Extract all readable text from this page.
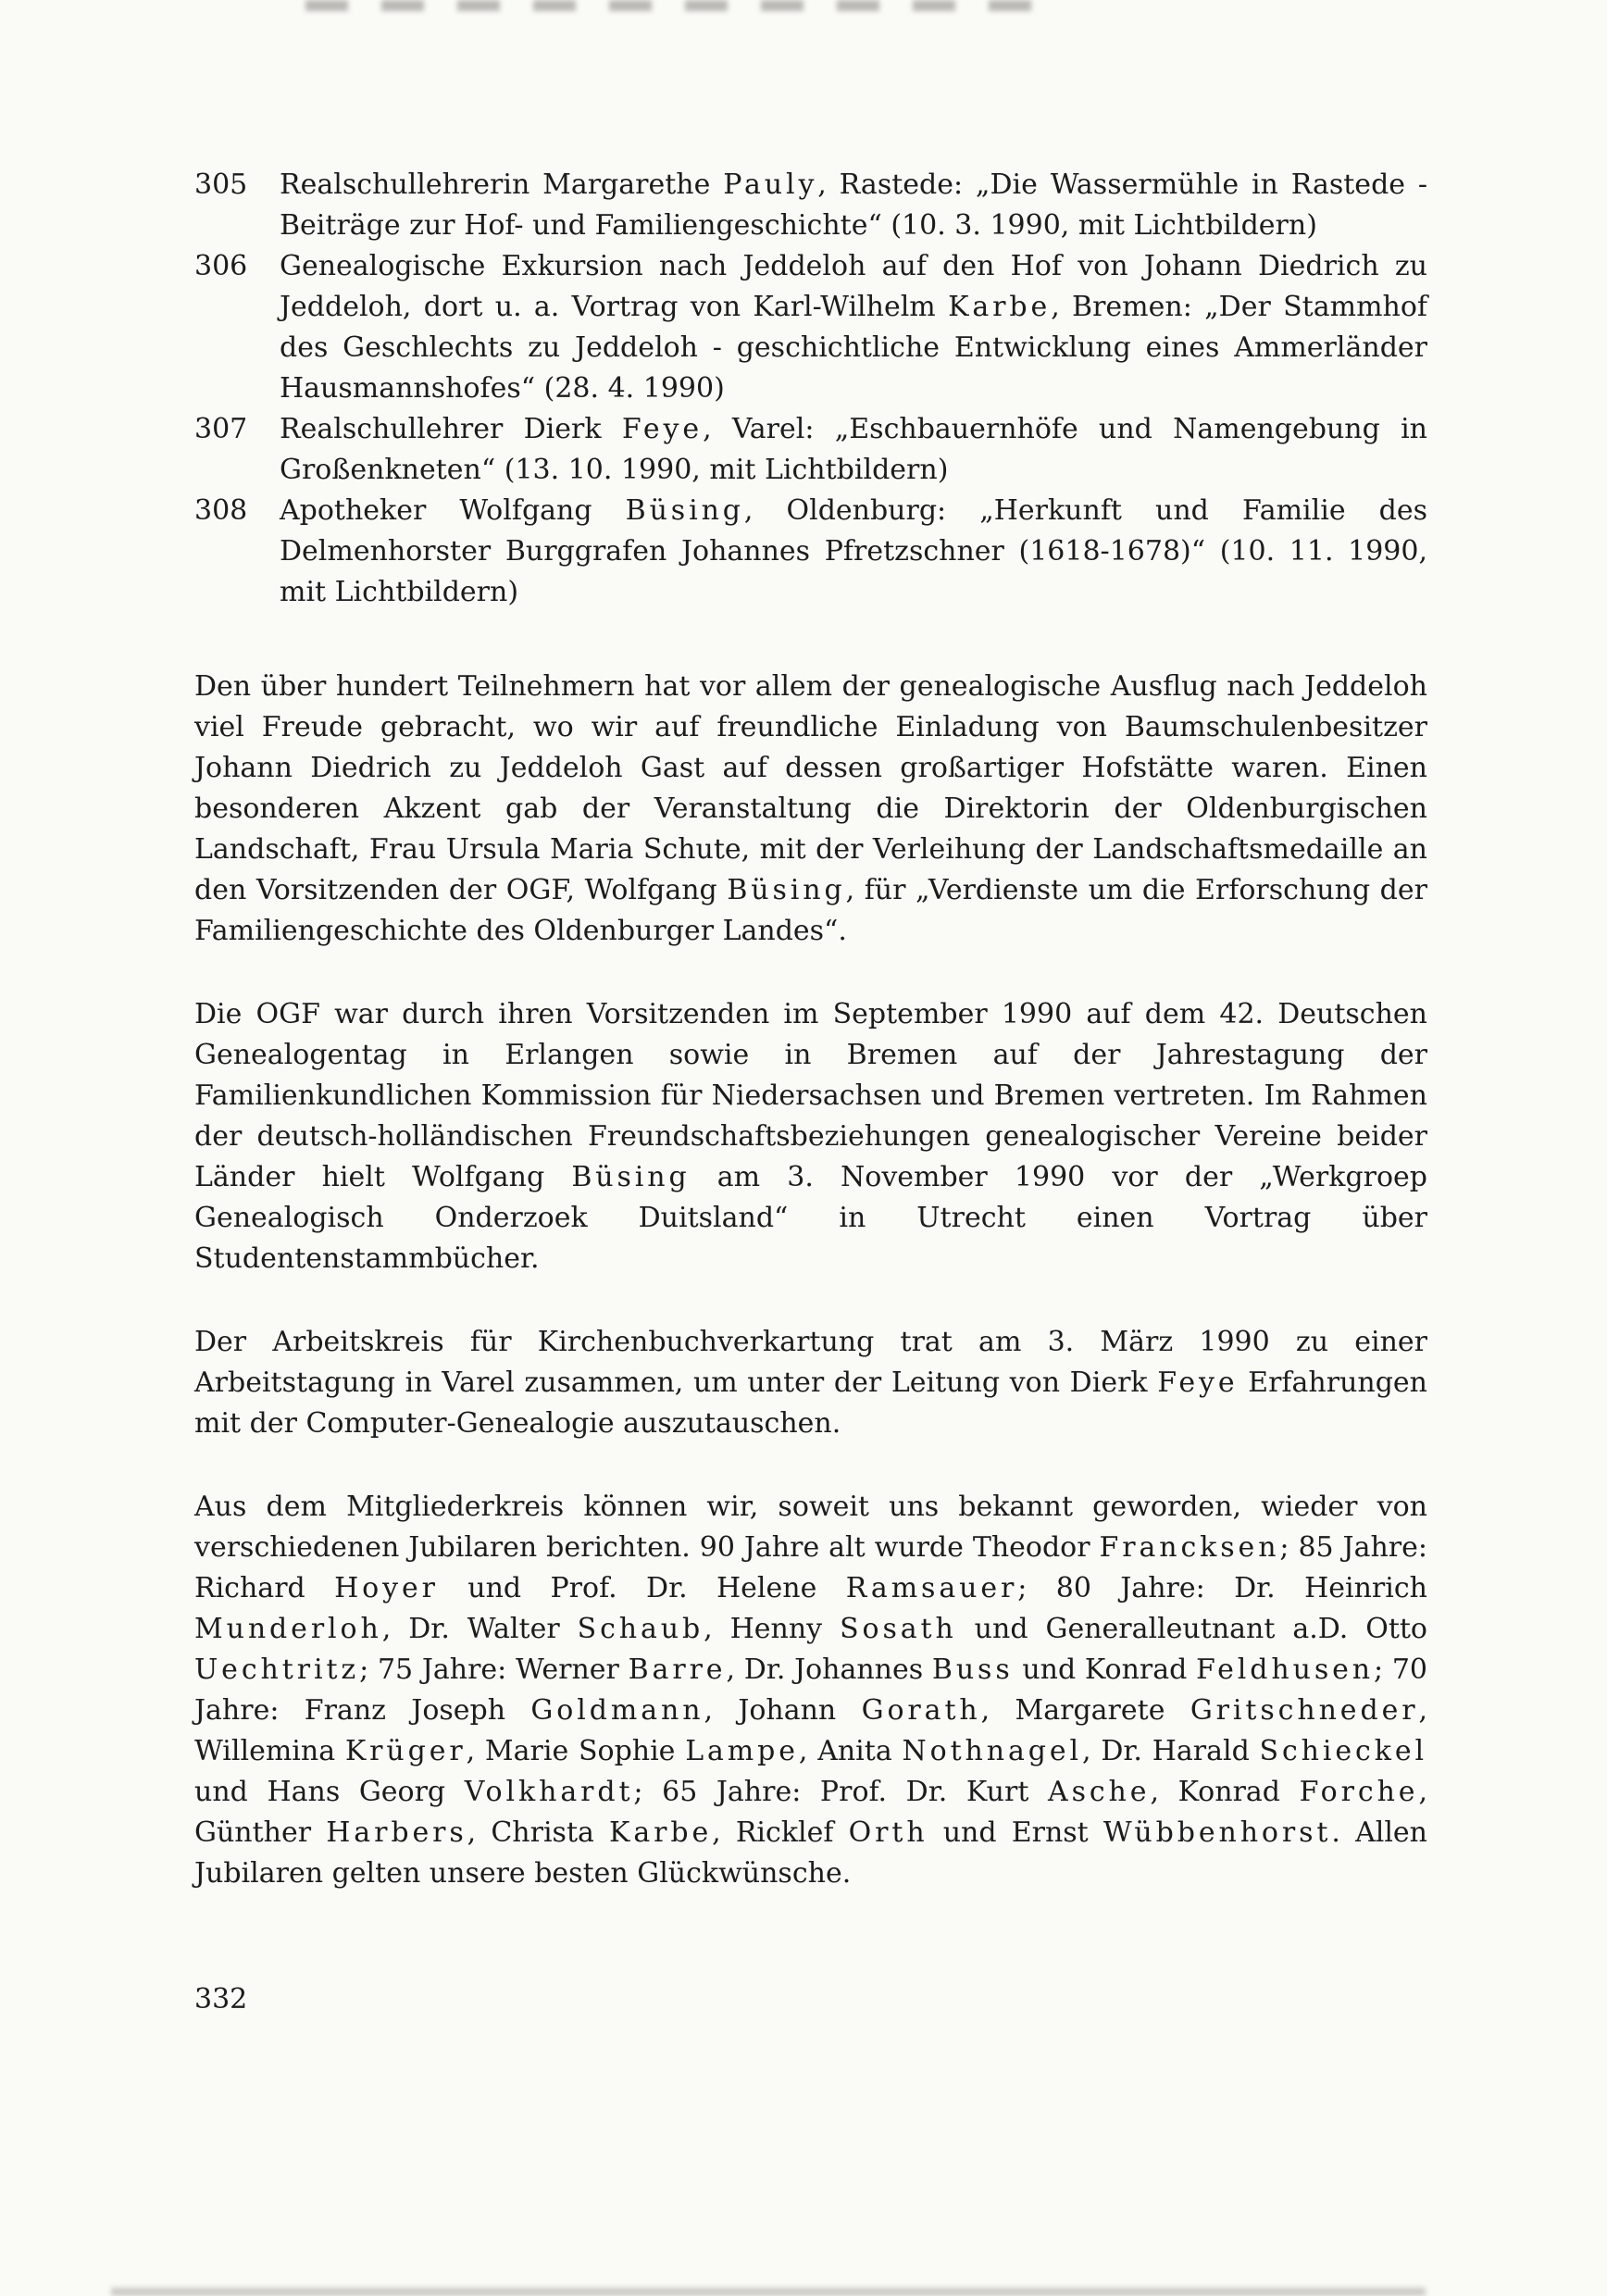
305	Realschullehrerin Margarethe Pauly, Rastede: „Die Wassermühle in Rastede - Beiträge zur Hof- und Familiengeschichte“ (10. 3. 1990, mit Lichtbildern)
306	Genealogische Exkursion nach Jeddeloh auf den Hof von Johann Diedrich zu Jeddeloh, dort u. a. Vortrag von Karl-Wilhelm Karbe, Bremen: „Der Stammhof des Geschlechts zu Jeddeloh - geschichtliche Entwicklung eines Ammerländer Hausmannshofes“ (28. 4. 1990)
307	Realschullehrer Dierk Feye, Varel: „Eschbauernhöfe und Namengebung in Großenkneten“ (13. 10. 1990, mit Lichtbildern)
308	Apotheker Wolfgang Büsing, Oldenburg: „Herkunft und Familie des Delmenhorster Burggrafen Johannes Pfretzschner (1618-1678)“ (10. 11. 1990, mit Lichtbildern)

Den über hundert Teilnehmern hat vor allem der genealogische Ausflug nach Jeddeloh viel Freude gebracht, wo wir auf freundliche Einladung von Baumschulenbesitzer Johann Diedrich zu Jeddeloh Gast auf dessen großartiger Hofstätte waren. Einen besonderen Akzent gab der Veranstaltung die Direktorin der Oldenburgischen Landschaft, Frau Ursula Maria Schute, mit der Verleihung der Landschaftsmedaille an den Vorsitzenden der OGF, Wolfgang Büsing, für „Verdienste um die Erforschung der Familiengeschichte des Oldenburger Landes“.

Die OGF war durch ihren Vorsitzenden im September 1990 auf dem 42. Deutschen Genealogentag in Erlangen sowie in Bremen auf der Jahrestagung der Familienkundlichen Kommission für Niedersachsen und Bremen vertreten. Im Rahmen der deutsch-holländischen Freundschaftsbeziehungen genealogischer Vereine beider Länder hielt Wolfgang Büsing am 3. November 1990 vor der „Werkgroep Genealogisch Onderzoek Duitsland“ in Utrecht einen Vortrag über Studentenstammbücher.

Der Arbeitskreis für Kirchenbuchverkartung trat am 3. März 1990 zu einer Arbeitstagung in Varel zusammen, um unter der Leitung von Dierk Feye Erfahrungen mit der Computer-Genealogie auszutauschen.

Aus dem Mitgliederkreis können wir, soweit uns bekannt geworden, wieder von verschiedenen Jubilaren berichten. 90 Jahre alt wurde Theodor Francksen; 85 Jahre: Richard Hoyer und Prof. Dr. Helene Ramsauer; 80 Jahre: Dr. Heinrich Munderloh, Dr. Walter Schaub, Henny Sosath und Generalleutnant a.D. Otto Uechtritz; 75 Jahre: Werner Barre, Dr. Johannes Buss und Konrad Feldhusen; 70 Jahre: Franz Joseph Goldmann, Johann Gorath, Margarete Gritschneder, Willemina Krüger, Marie Sophie Lampe, Anita Nothnagel, Dr. Harald Schieckel und Hans Georg Volkhardt; 65 Jahre: Prof. Dr. Kurt Asche, Konrad Forche, Günther Harbers, Christa Karbe, Ricklef Orth und Ernst Wübbenhorst. Allen Jubilaren gelten unsere besten Glückwünsche.

332
